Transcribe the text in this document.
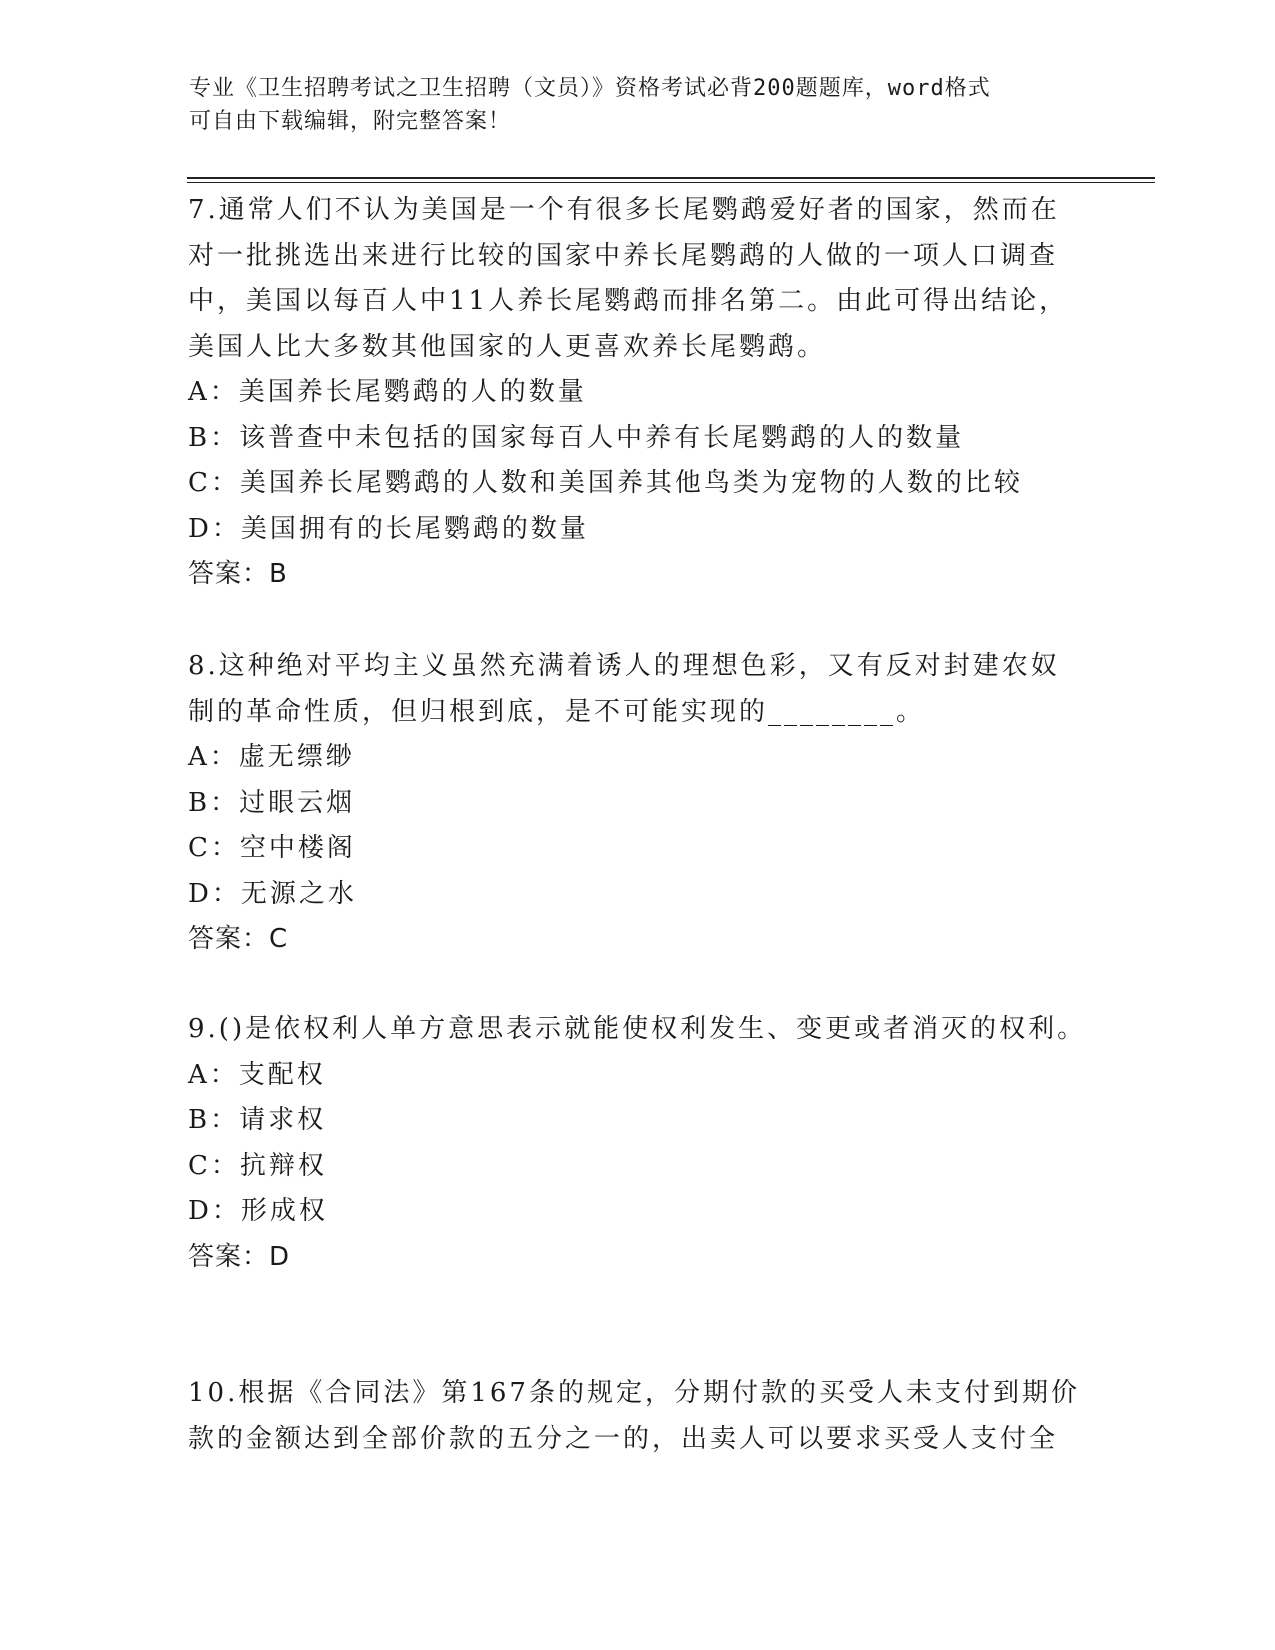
专业《卫生招聘考试之卫生招聘（文员）》资格考试必背200题题库，word格式

可自由下载编辑，附完整答案！

7.通常人们不认为美国是一个有很多长尾鹦鹉爱好者的国家，然而在对一批挑选出来进行比较的国家中养长尾鹦鹉的人做的一项人口调查中，美国以每百人中11人养长尾鹦鹉而排名第二。由此可得出结论，美国人比大多数其他国家的人更喜欢养长尾鹦鹉。

A：美国养长尾鹦鹉的人的数量

B：该普查中未包括的国家每百人中养有长尾鹦鹉的人的数量

C：美国养长尾鹦鹉的人数和美国养其他鸟类为宠物的人数的比较

D：美国拥有的长尾鹦鹉的数量

答案：B

8.这种绝对平均主义虽然充满着诱人的理想色彩，又有反对封建农奴制的革命性质，但归根到底，是不可能实现的________。

A：虚无缥缈

B：过眼云烟

C：空中楼阁

D：无源之水

答案：C

9.()是依权利人单方意思表示就能使权利发生、变更或者消灭的权利。

A：支配权

B：请求权

C：抗辩权

D：形成权

答案：D

10.根据《合同法》第167条的规定，分期付款的买受人未支付到期价款的金额达到全部价款的五分之一的，出卖人可以要求买受人支付全
